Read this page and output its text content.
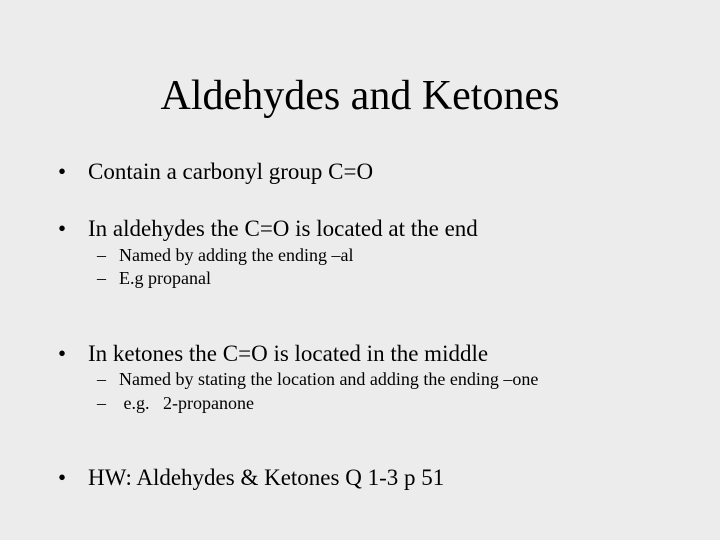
Aldehydes and Ketones
• Contain a carbonyl group C=O
• In aldehydes the C=O is located at the end
– Named by adding the ending –al
– E.g propanal
• In ketones the C=O is located in the middle
– Named by stating the location and adding the ending –one
– e.g.   2-propanone
• HW: Aldehydes & Ketones Q 1-3 p 51
